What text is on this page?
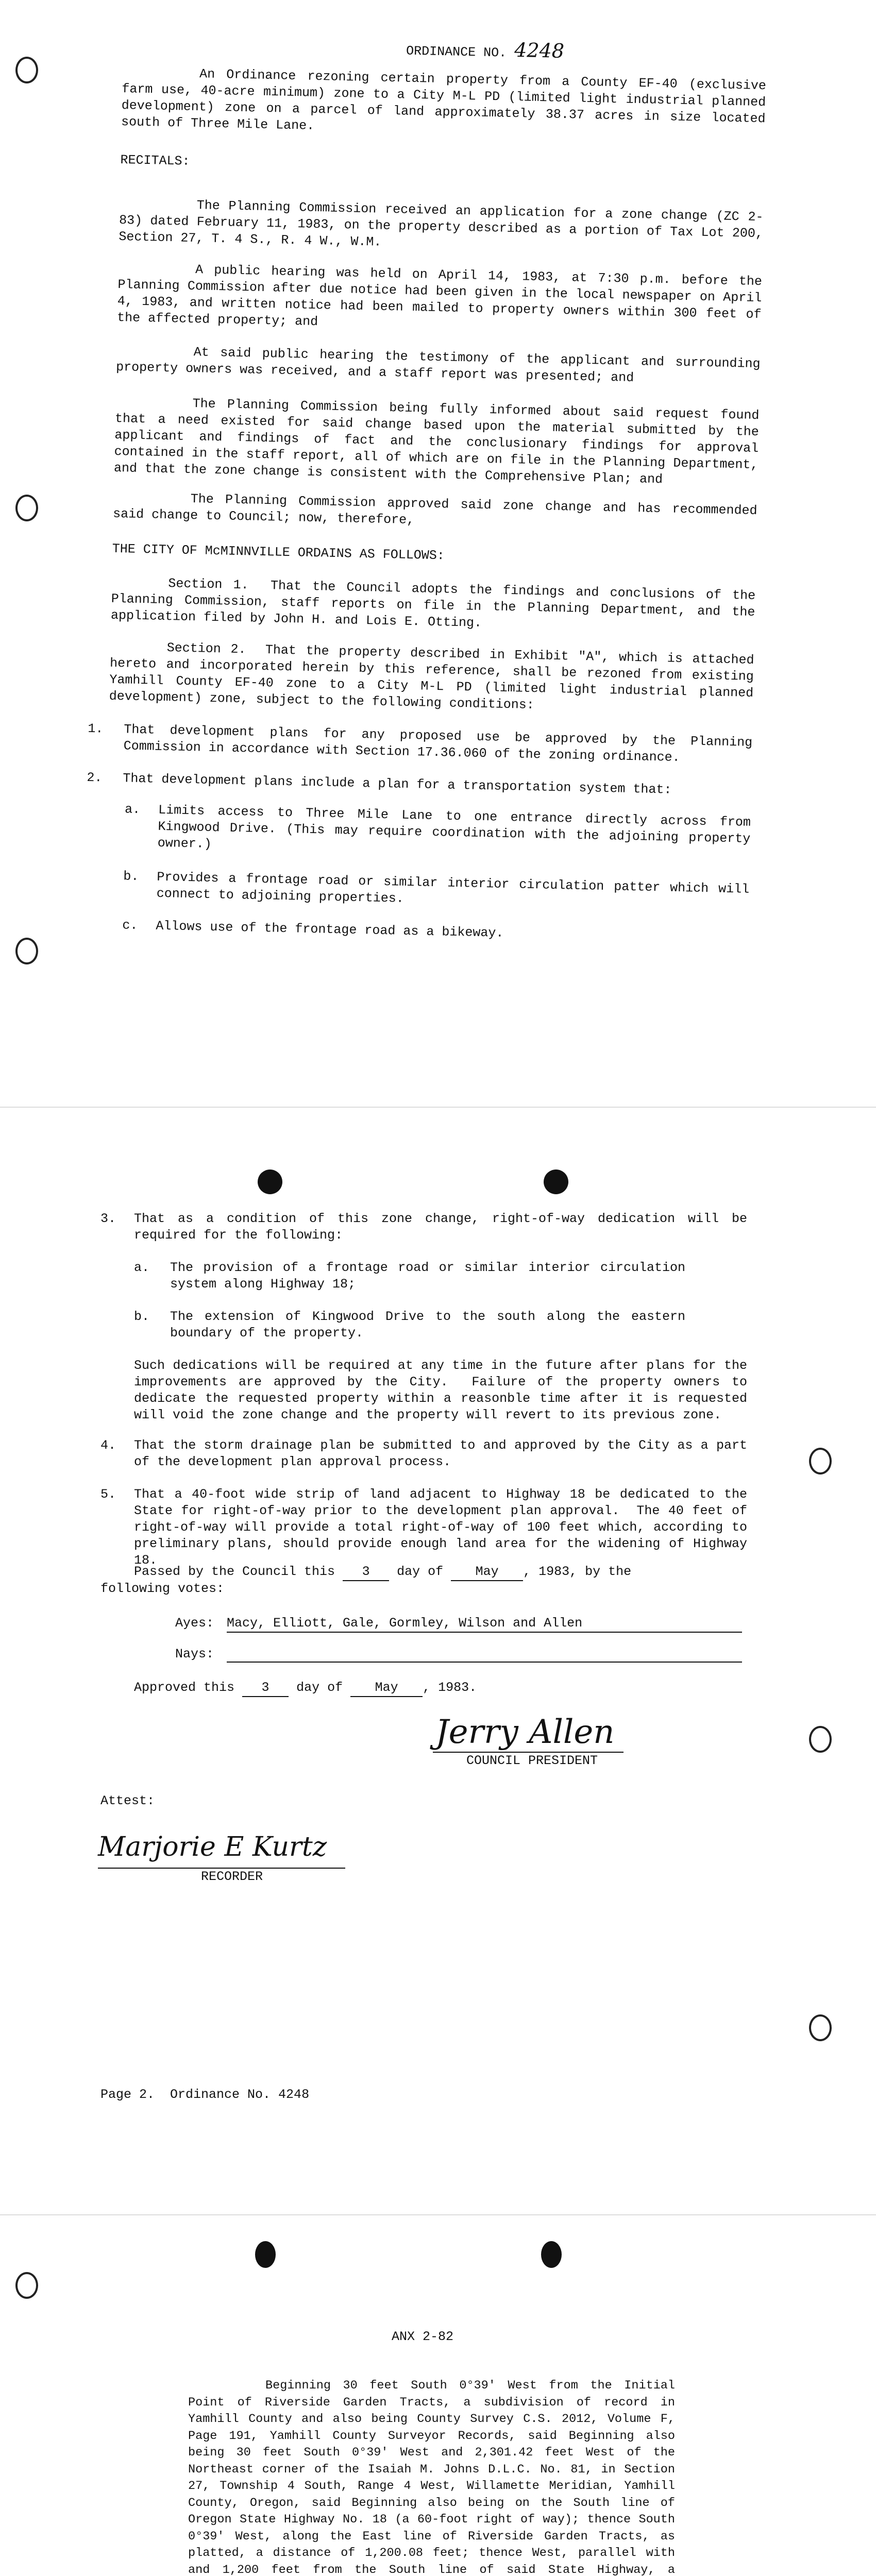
ORDINANCE NO. 4248
An Ordinance rezoning certain property from a County EF-40 (exclusive farm use, 40-acre minimum) zone to a City M-L PD (limited light industrial planned development) zone on a parcel of land approximately 38.37 acres in size located south of Three Mile Lane.
RECITALS:
The Planning Commission received an application for a zone change (ZC 2-83) dated February 11, 1983, on the property described as a portion of Tax Lot 200, Section 27, T. 4 S., R. 4 W., W.M.
A public hearing was held on April 14, 1983, at 7:30 p.m. before the Planning Commission after due notice had been given in the local newspaper on April 4, 1983, and written notice had been mailed to property owners within 300 feet of the affected property; and
At said public hearing the testimony of the applicant and surrounding property owners was received, and a staff report was presented; and
The Planning Commission being fully informed about said request found that a need existed for said change based upon the material submitted by the applicant and findings of fact and the conclusionary findings for approval contained in the staff report, all of which are on file in the Planning Department, and that the zone change is consistent with the Comprehensive Plan; and
The Planning Commission approved said zone change and has recommended said change to Council; now, therefore,
THE CITY OF McMINNVILLE ORDAINS AS FOLLOWS:
Section 1.  That the Council adopts the findings and conclusions of the Planning Commission, staff reports on file in the Planning Department, and the application filed by John H. and Lois E. Otting.
Section 2.  That the property described in Exhibit "A", which is attached hereto and incorporated herein by this reference, shall be rezoned from existing Yamhill County EF-40 zone to a City M-L PD (limited light industrial planned development) zone, subject to the following conditions:
1. That development plans for any proposed use be approved by the Planning Commission in accordance with Section 17.36.060 of the zoning ordinance.
2. That development plans include a plan for a transportation system that:
a. Limits access to Three Mile Lane to one entrance directly across from Kingwood Drive. (This may require coordination with the adjoining property owner.)
b. Provides a frontage road or similar interior circulation patter which will connect to adjoining properties.
c. Allows use of the frontage road as a bikeway.
3. That as a condition of this zone change, right-of-way dedication will be required for the following:
a. The provision of a frontage road or similar interior circulation system along Highway 18;
b. The extension of Kingwood Drive to the south along the eastern boundary of the property.
Such dedications will be required at any time in the future after plans for the improvements are approved by the City.  Failure of the property owners to dedicate the requested property within a reasonble time after it is requested will void the zone change and the property will revert to its previous zone.
4. That the storm drainage plan be submitted to and approved by the City as a part of the development plan approval process.
5. That a 40-foot wide strip of land adjacent to Highway 18 be dedicated to the State for right-of-way prior to the development plan approval.  The 40 feet of right-of-way will provide a total right-of-way of 100 feet which, according to preliminary plans, should provide enough land area for the widening of Highway 18.
Passed by the Council this 3 day of	May , 1983, by the
following votes:
Ayes: Macy, Elliott, Gale, Gormley, Wilson and Allen
Nays:
Approved this 3 day of	May , 1983.
Jerry Allen
COUNCIL PRESIDENT
Attest:
Marjorie E Kurtz
RECORDER
Page 2.  Ordinance No. 4248
ANX 2-82
Beginning 30 feet South 0°39' West from the Initial Point of Riverside Garden Tracts, a subdivision of record in Yamhill County and also being County Survey C.S. 2012, Volume F, Page 191, Yamhill County Surveyor Records, said Beginning also being 30 feet South 0°39' West and 2,301.42 feet West of the Northeast corner of the Isaiah M. Johns D.L.C. No. 81, in Section 27, Township 4 South, Range 4 West, Willamette Meridian, Yamhill County, Oregon, said Beginning also being on the South line of Oregon State Highway No. 18 (a 60-foot right of way); thence South 0°39' West, along the East line of Riverside Garden Tracts, as platted, a distance of 1,200.08 feet; thence West, parallel with and 1,200 feet from the South line of said State Highway, a
